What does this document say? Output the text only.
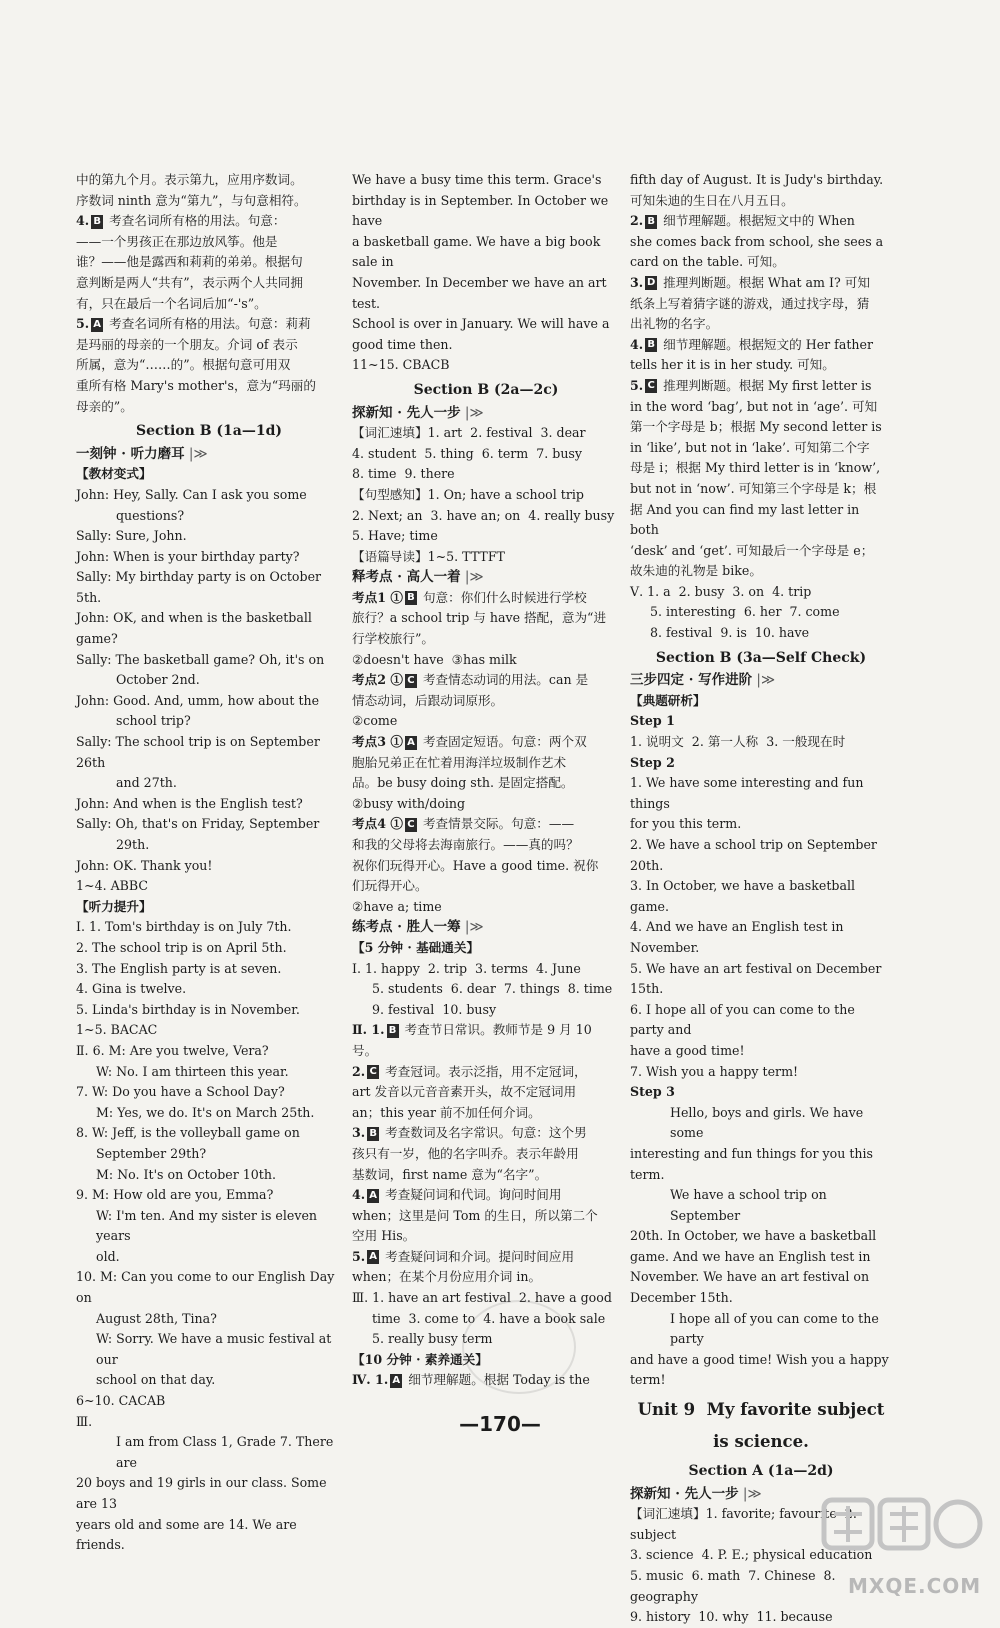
中的第九个月。表示第九，应用序数词。
序数词 ninth 意为“第九”，与句意相符。
4. B 考查名词所有格的用法。句意：
——一个男孩正在那边放风筝。他是
谁？——他是露西和莉莉的弟弟。根据句
意判断是两人“共有”，表示两个人共同拥
有，只在最后一个名词后加“-'s”。
5. A 考查名词所有格的用法。句意：莉莉
是玛丽的母亲的一个朋友。介词 of 表示
所属，意为“……的”。根据句意可用双
重所有格 Mary's mother's，意为“玛丽的
母亲的”。
Section B (1a—1d)
一刻钟 · 听力磨耳 |≫
【教材变式】
John: Hey, Sally. Can I ask you some
questions?
Sally: Sure, John.
John: When is your birthday party?
Sally: My birthday party is on October 5th.
John: OK, and when is the basketball game?
Sally: The basketball game? Oh, it's on
October 2nd.
John: Good. And, umm, how about the
school trip?
Sally: The school trip is on September 26th
and 27th.
John: And when is the English test?
Sally: Oh, that's on Friday, September
29th.
John: OK. Thank you!
1~4. ABBC
【听力提升】
Ⅰ. 1. Tom's birthday is on July 7th.
2. The school trip is on April 5th.
3. The English party is at seven.
4. Gina is twelve.
5. Linda's birthday is in November.
1~5. BACAC
Ⅱ. 6. M: Are you twelve, Vera?
W: No. I am thirteen this year.
7. W: Do you have a School Day?
M: Yes, we do. It's on March 25th.
8. W: Jeff, is the volleyball game on
September 29th?
M: No. It's on October 10th.
9. M: How old are you, Emma?
W: I'm ten. And my sister is eleven years
old.
10. M: Can you come to our English Day on
August 28th, Tina?
W: Sorry. We have a music festival at our
school on that day.
6~10. CACAB
Ⅲ.
I am from Class 1, Grade 7. There are
20 boys and 19 girls in our class. Some are 13
years old and some are 14. We are friends.
We have a busy time this term. Grace's
birthday is in September. In October we have
a basketball game. We have a big book sale in
November. In December we have an art test.
School is over in January. We will have a
good time then.
11~15. CBACB
Section B (2a—2c)
探新知 · 先人一步 |≫
【词汇速填】1. art  2. festival  3. dear
4. student  5. thing  6. term  7. busy
8. time  9. there
【句型感知】1. On; have a school trip
2. Next; an  3. have an; on  4. really busy
5. Have; time
【语篇导读】1~5. TTTFT
释考点 · 高人一着 |≫
考点1 ① B 句意：你们什么时候进行学校
旅行？a school trip 与 have 搭配，意为“进
行学校旅行”。
②doesn't have  ③has milk
考点2 ① C 考查情态动词的用法。can 是
情态动词，后跟动词原形。
②come
考点3 ① A 考查固定短语。句意：两个双
胞胎兄弟正在忙着用海洋垃圾制作艺术
品。be busy doing sth. 是固定搭配。
②busy with/doing
考点4 ① C 考查情景交际。句意：——
和我的父母将去海南旅行。——真的吗？
祝你们玩得开心。Have a good time. 祝你
们玩得开心。
②have a; time
练考点 · 胜人一筹 |≫
【5 分钟 · 基础通关】
Ⅰ. 1. happy  2. trip  3. terms  4. June
5. students  6. dear  7. things  8. time
9. festival  10. busy
Ⅱ. 1. B 考查节日常识。教师节是 9 月 10
号。
2. C 考查冠词。表示泛指，用不定冠词，
art 发音以元音音素开头，故不定冠词用
an；this year 前不加任何介词。
3. B 考查数词及名字常识。句意：这个男
孩只有一岁，他的名字叫乔。表示年龄用
基数词，first name 意为“名字”。
4. A 考查疑问词和代词。询问时间用
when；这里是问 Tom 的生日，所以第二个
空用 His。
5. A 考查疑问词和介词。提问时间应用
when；在某个月份应用介词 in。
Ⅲ. 1. have an art festival  2. have a good
time  3. come to  4. have a book sale
5. really busy term
【10 分钟 · 素养通关】
Ⅳ. 1. A 细节理解题。根据 Today is the
fifth day of August. It is Judy's birthday.
可知朱迪的生日在八月五日。
2. B 细节理解题。根据短文中的 When
she comes back from school, she sees a
card on the table. 可知。
3. D 推理判断题。根据 What am I? 可知
纸条上写着猜字谜的游戏，通过找字母，猜
出礼物的名字。
4. B 细节理解题。根据短文的 Her father
tells her it is in her study. 可知。
5. C 推理判断题。根据 My first letter is
in the word ‘bag’, but not in ‘age’. 可知
第一个字母是 b；根据 My second letter is
in ‘like’, but not in ‘lake’. 可知第二个字
母是 i；根据 My third letter is in ‘know’,
but not in ‘now’. 可知第三个字母是 k；根
据 And you can find my last letter in both
‘desk’ and ‘get’. 可知最后一个字母是 e；
故朱迪的礼物是 bike。
Ⅴ. 1. a  2. busy  3. on  4. trip
5. interesting  6. her  7. come
8. festival  9. is  10. have
Section B (3a—Self Check)
三步四定 · 写作进阶 |≫
【典题研析】
Step 1
1. 说明文  2. 第一人称  3. 一般现在时
Step 2
1. We have some interesting and fun things
for you this term.
2. We have a school trip on September 20th.
3. In October, we have a basketball game.
4. And we have an English test in November.
5. We have an art festival on December 15th.
6. I hope all of you can come to the party and
have a good time!
7. Wish you a happy term!
Step 3
Hello, boys and girls. We have some
interesting and fun things for you this term.
We have a school trip on September
20th. In October, we have a basketball
game. And we have an English test in
November. We have an art festival on
December 15th.
I hope all of you can come to the party
and have a good time! Wish you a happy
term!
Unit 9  My favorite subject
is science.
Section A (1a—2d)
探新知 · 先人一步 |≫
【词汇速填】1. favorite; favourite  2. subject
3. science  4. P. E.; physical education
5. music  6. math  7. Chinese  8. geography
9. history  10. why  11. because
—170—
MXQE.COM
